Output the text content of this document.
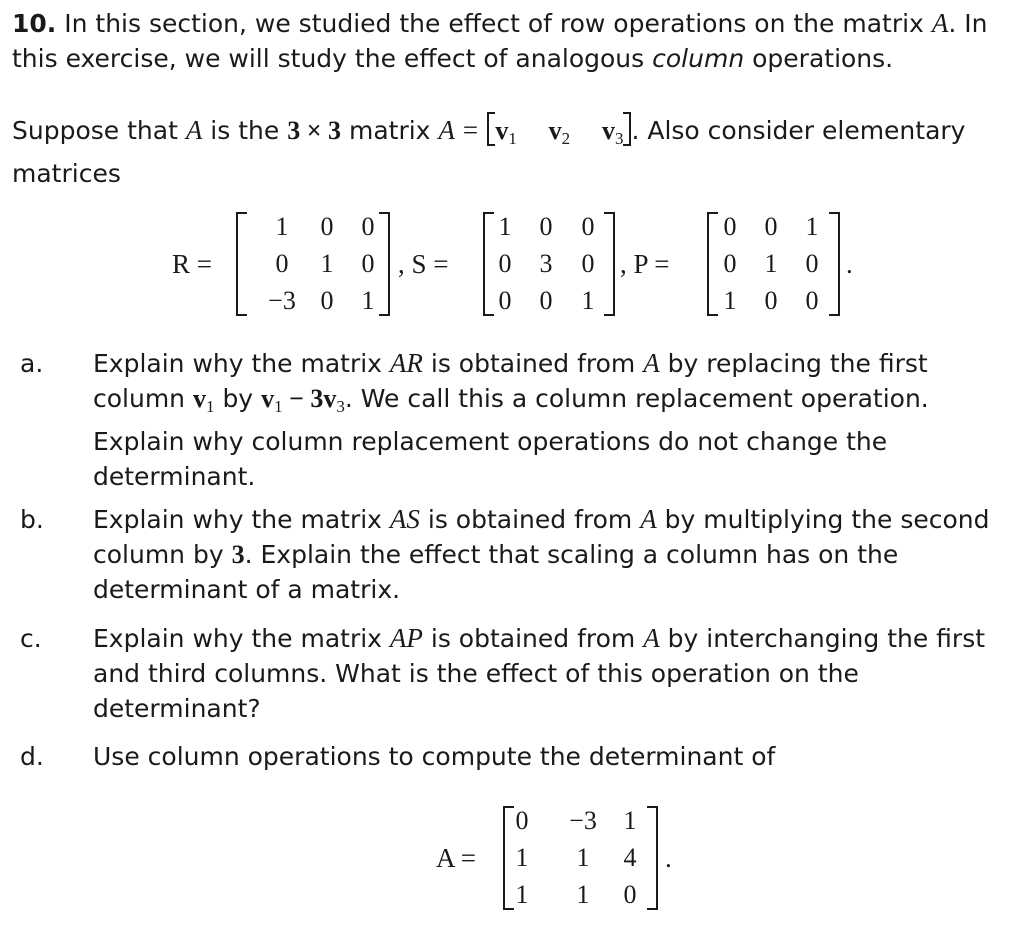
10. In this section, we studied the effect of row operations on the matrix A. In this exercise, we will study the effect of analogous column operations.
Suppose that A is the 3 × 3 matrix $A = v_1$ $v_2$ $v_3$ . Also consider elementary matrices
R =
1	0	0
0	1	0
−3 0	1
, S =
1	0	0
0	3	0
0	0	1
, P =
0	0	1
0	1	0
1	0	0
.
a.	Explain why the matrix AR is obtained from A by replacing the first column $v_1$ by $v_1 - 3v_3$. We call this a column replacement operation. Explain why column replacement operations do not change the determinant.
b.	Explain why the matrix AS is obtained from A by multiplying the second column by 3. Explain the effect that scaling a column has on the determinant of a matrix.
c.	Explain why the matrix AP is obtained from A by interchanging the first and third columns. What is the effect of this operation on the determinant?
d.	Use column operations to compute the determinant of
A =
0	−3	1
1	1	4
1	1	0
.
